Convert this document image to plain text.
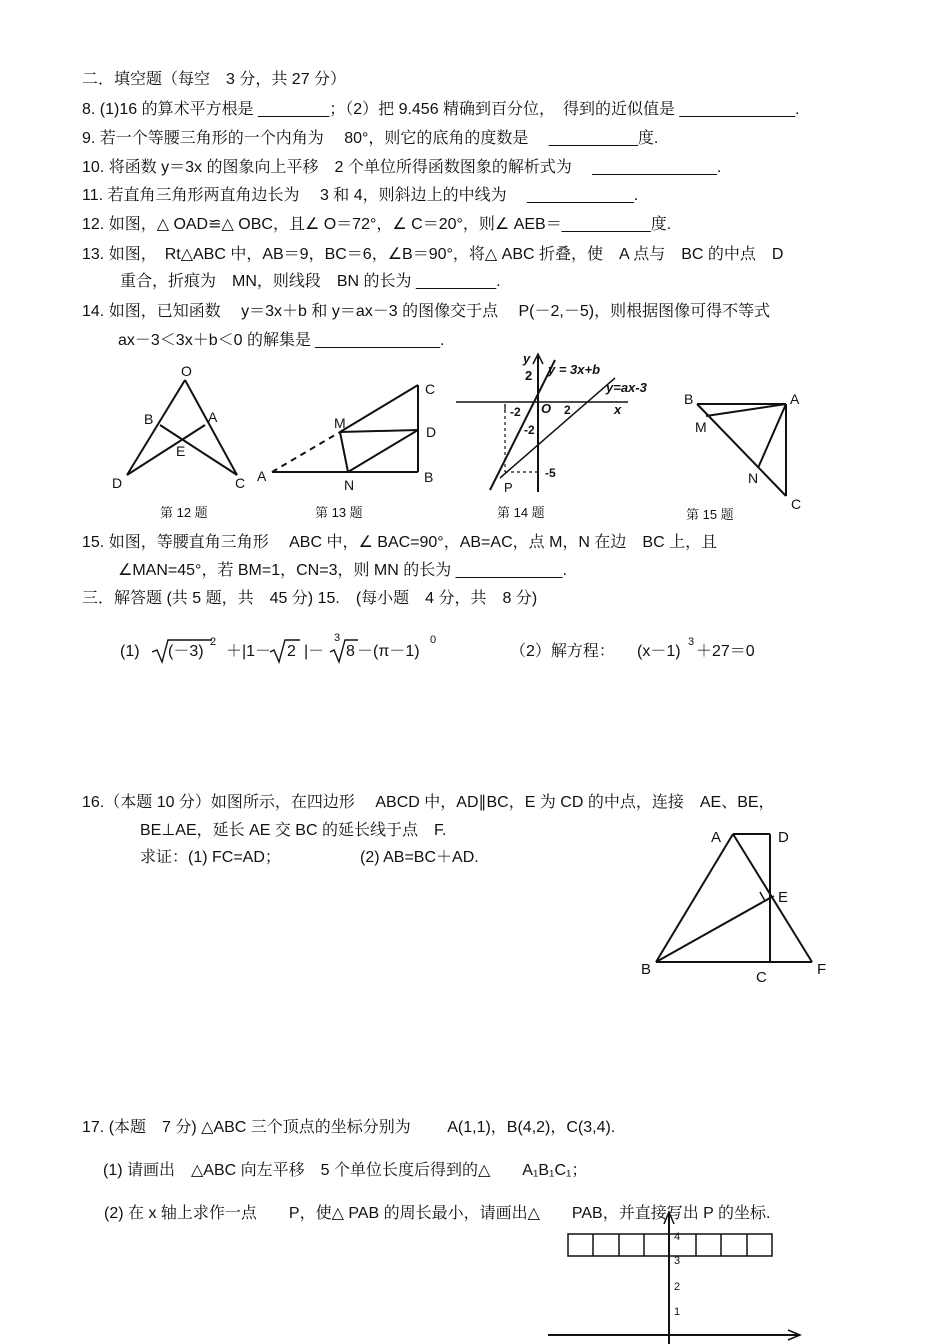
二．填空题（每空　3 分，共 27 分）
8. (1)16 的算术平方根是 ________；（2）把 9.456 精确到百分位，　得到的近似值是 _____________.
9. 若一个等腰三角形的一个内角为　 80°，则它的底角的度数是 　__________度.
10. 将函数 y＝3x 的图象向上平移　2 个单位所得函数图象的解析式为 　______________.
11. 若直角三角形两直角边长为　 3 和 4，则斜边上的中线为 　____________.
12. 如图，△ OAD≌△ OBC，且∠ O＝72°，∠ C＝20°，则∠ AEB＝__________度.
13. 如图，　Rt△ABC 中，AB＝9，BC＝6，∠B＝90°，将△ ABC 折叠，使　A 点与　BC 的中点　D
重合，折痕为　MN，则线段　BN 的长为 _________.
14. 如图，已知函数　 y＝3x＋b 和 y＝ax－3 的图像交于点　 P(－2,－5)，则根据图像可得不等式
ax－3＜3x＋b＜0 的解集是 ______________.
O
B	A
E
D	C
C
M
D
A
N	B
y
2 y = 3x+b
y=ax-3
-2 O 2	x
-2
-5
P
B	A
M
N
C
A	D
E
B	C	F
4
3
2
1
第 12 题	第 13 题	第 14 题	第 15 题
15. 如图，等腰直角三角形　 ABC 中，∠ BAC=90°，AB=AC，点 M，N 在边　BC 上，且
∠MAN=45°，若 BM=1，CN=3，则 MN 的长为 ____________.
三．解答题 (共 5 题，共　45 分) 15.　(每小题　4 分，共　8 分)
(1) (－3)
2
＋|1－ 2 |－
3
8 －(π－1)
0
（2）解方程： (x－1)
3
＋27＝0
16.（本题 10 分）如图所示，在四边形　 ABCD 中，AD∥BC，E 为 CD 的中点，连接　AE、BE，
BE⊥AE，延长 AE 交 BC 的延长线于点　F.
求证：(1) FC=AD；	(2) AB=BC＋AD.
17. (本题　7 分) △ABC 三个顶点的坐标分别为　　 A(1,1)，B(4,2)，C(3,4).
(1) 请画出　△ABC 向左平移　5 个单位长度后得到的△　　A₁B₁C₁；
(2) 在 x 轴上求作一点　　P，使△ PAB 的周长最小，请画出△　　PAB，并直接写出 P 的坐标.
